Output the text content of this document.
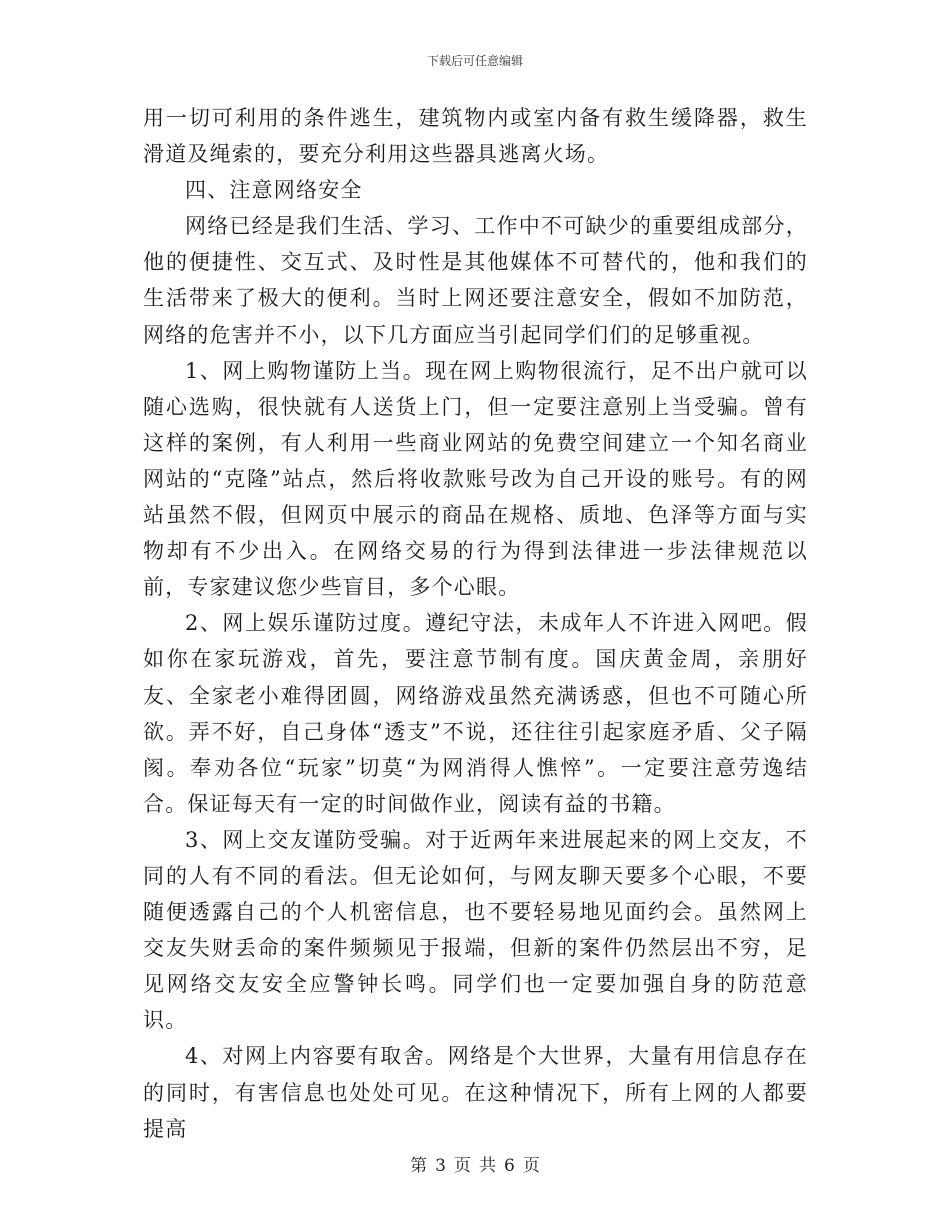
下载后可任意编辑

用一切可利用的条件逃生，建筑物内或室内备有救生缓降器，救生滑道及绳索的，要充分利用这些器具逃离火场。

四、注意网络安全

网络已经是我们生活、学习、工作中不可缺少的重要组成部分，他的便捷性、交互式、及时性是其他媒体不可替代的，他和我们的生活带来了极大的便利。当时上网还要注意安全，假如不加防范，网络的危害并不小，以下几方面应当引起同学们们的足够重视。

1、网上购物谨防上当。现在网上购物很流行，足不出户就可以随心选购，很快就有人送货上门，但一定要注意别上当受骗。曾有这样的案例，有人利用一些商业网站的免费空间建立一个知名商业网站的“克隆”站点，然后将收款账号改为自己开设的账号。有的网站虽然不假，但网页中展示的商品在规格、质地、色泽等方面与实物却有不少出入。在网络交易的行为得到法律进一步法律规范以前，专家建议您少些盲目，多个心眼。

2、网上娱乐谨防过度。遵纪守法，未成年人不许进入网吧。假如你在家玩游戏，首先，要注意节制有度。国庆黄金周，亲朋好友、全家老小难得团圆，网络游戏虽然充满诱惑，但也不可随心所欲。弄不好，自己身体“透支”不说，还往往引起家庭矛盾、父子隔阂。奉劝各位“玩家”切莫“为网消得人憔悴”。一定要注意劳逸结合。保证每天有一定的时间做作业，阅读有益的书籍。

3、网上交友谨防受骗。对于近两年来进展起来的网上交友，不同的人有不同的看法。但无论如何，与网友聊天要多个心眼，不要随便透露自己的个人机密信息，也不要轻易地见面约会。虽然网上交友失财丢命的案件频频见于报端，但新的案件仍然层出不穷，足见网络交友安全应警钟长鸣。同学们也一定要加强自身的防范意识。

4、对网上内容要有取舍。网络是个大世界，大量有用信息存在的同时，有害信息也处处可见。在这种情况下，所有上网的人都要提高

第 3 页 共 6 页
